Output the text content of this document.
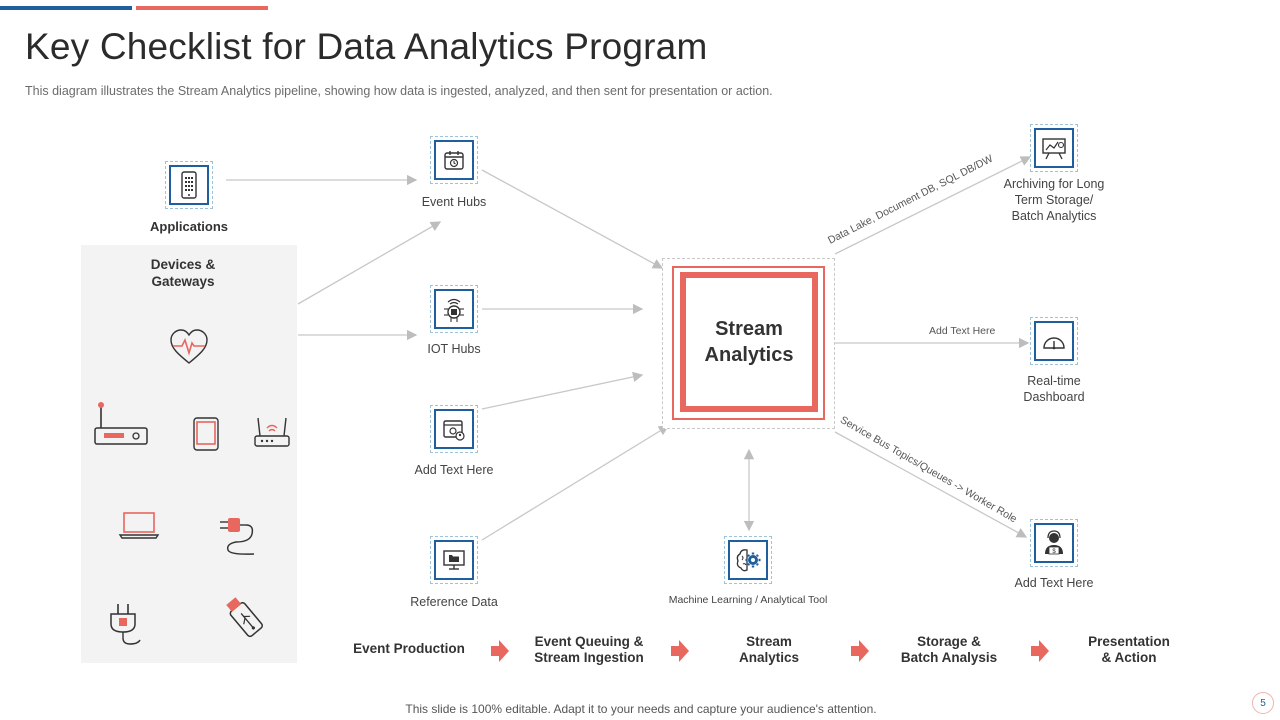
Key Checklist for Data Analytics Program
This diagram illustrates the Stream Analytics pipeline, showing how data is ingested, analyzed, and then sent for presentation or action.
Devices &
Gateways
Applications
Event Hubs
IOT Hubs
Add Text Here
Reference Data
Stream
Analytics
Machine Learning / Analytical Tool
Archiving for Long
Term Storage/
Batch Analytics
Real-time
Dashboard
$
Add Text Here
Data Lake, Document DB, SQL DB/DW
Add Text Here
Service Bus Topics/Queues -> Worker Role
Event Production	Event Queuing &
Stream Ingestion
Stream
Analytics
Storage &
Batch Analysis
Presentation
& Action
This slide is 100% editable. Adapt it to your needs and capture your audience's attention.	5
